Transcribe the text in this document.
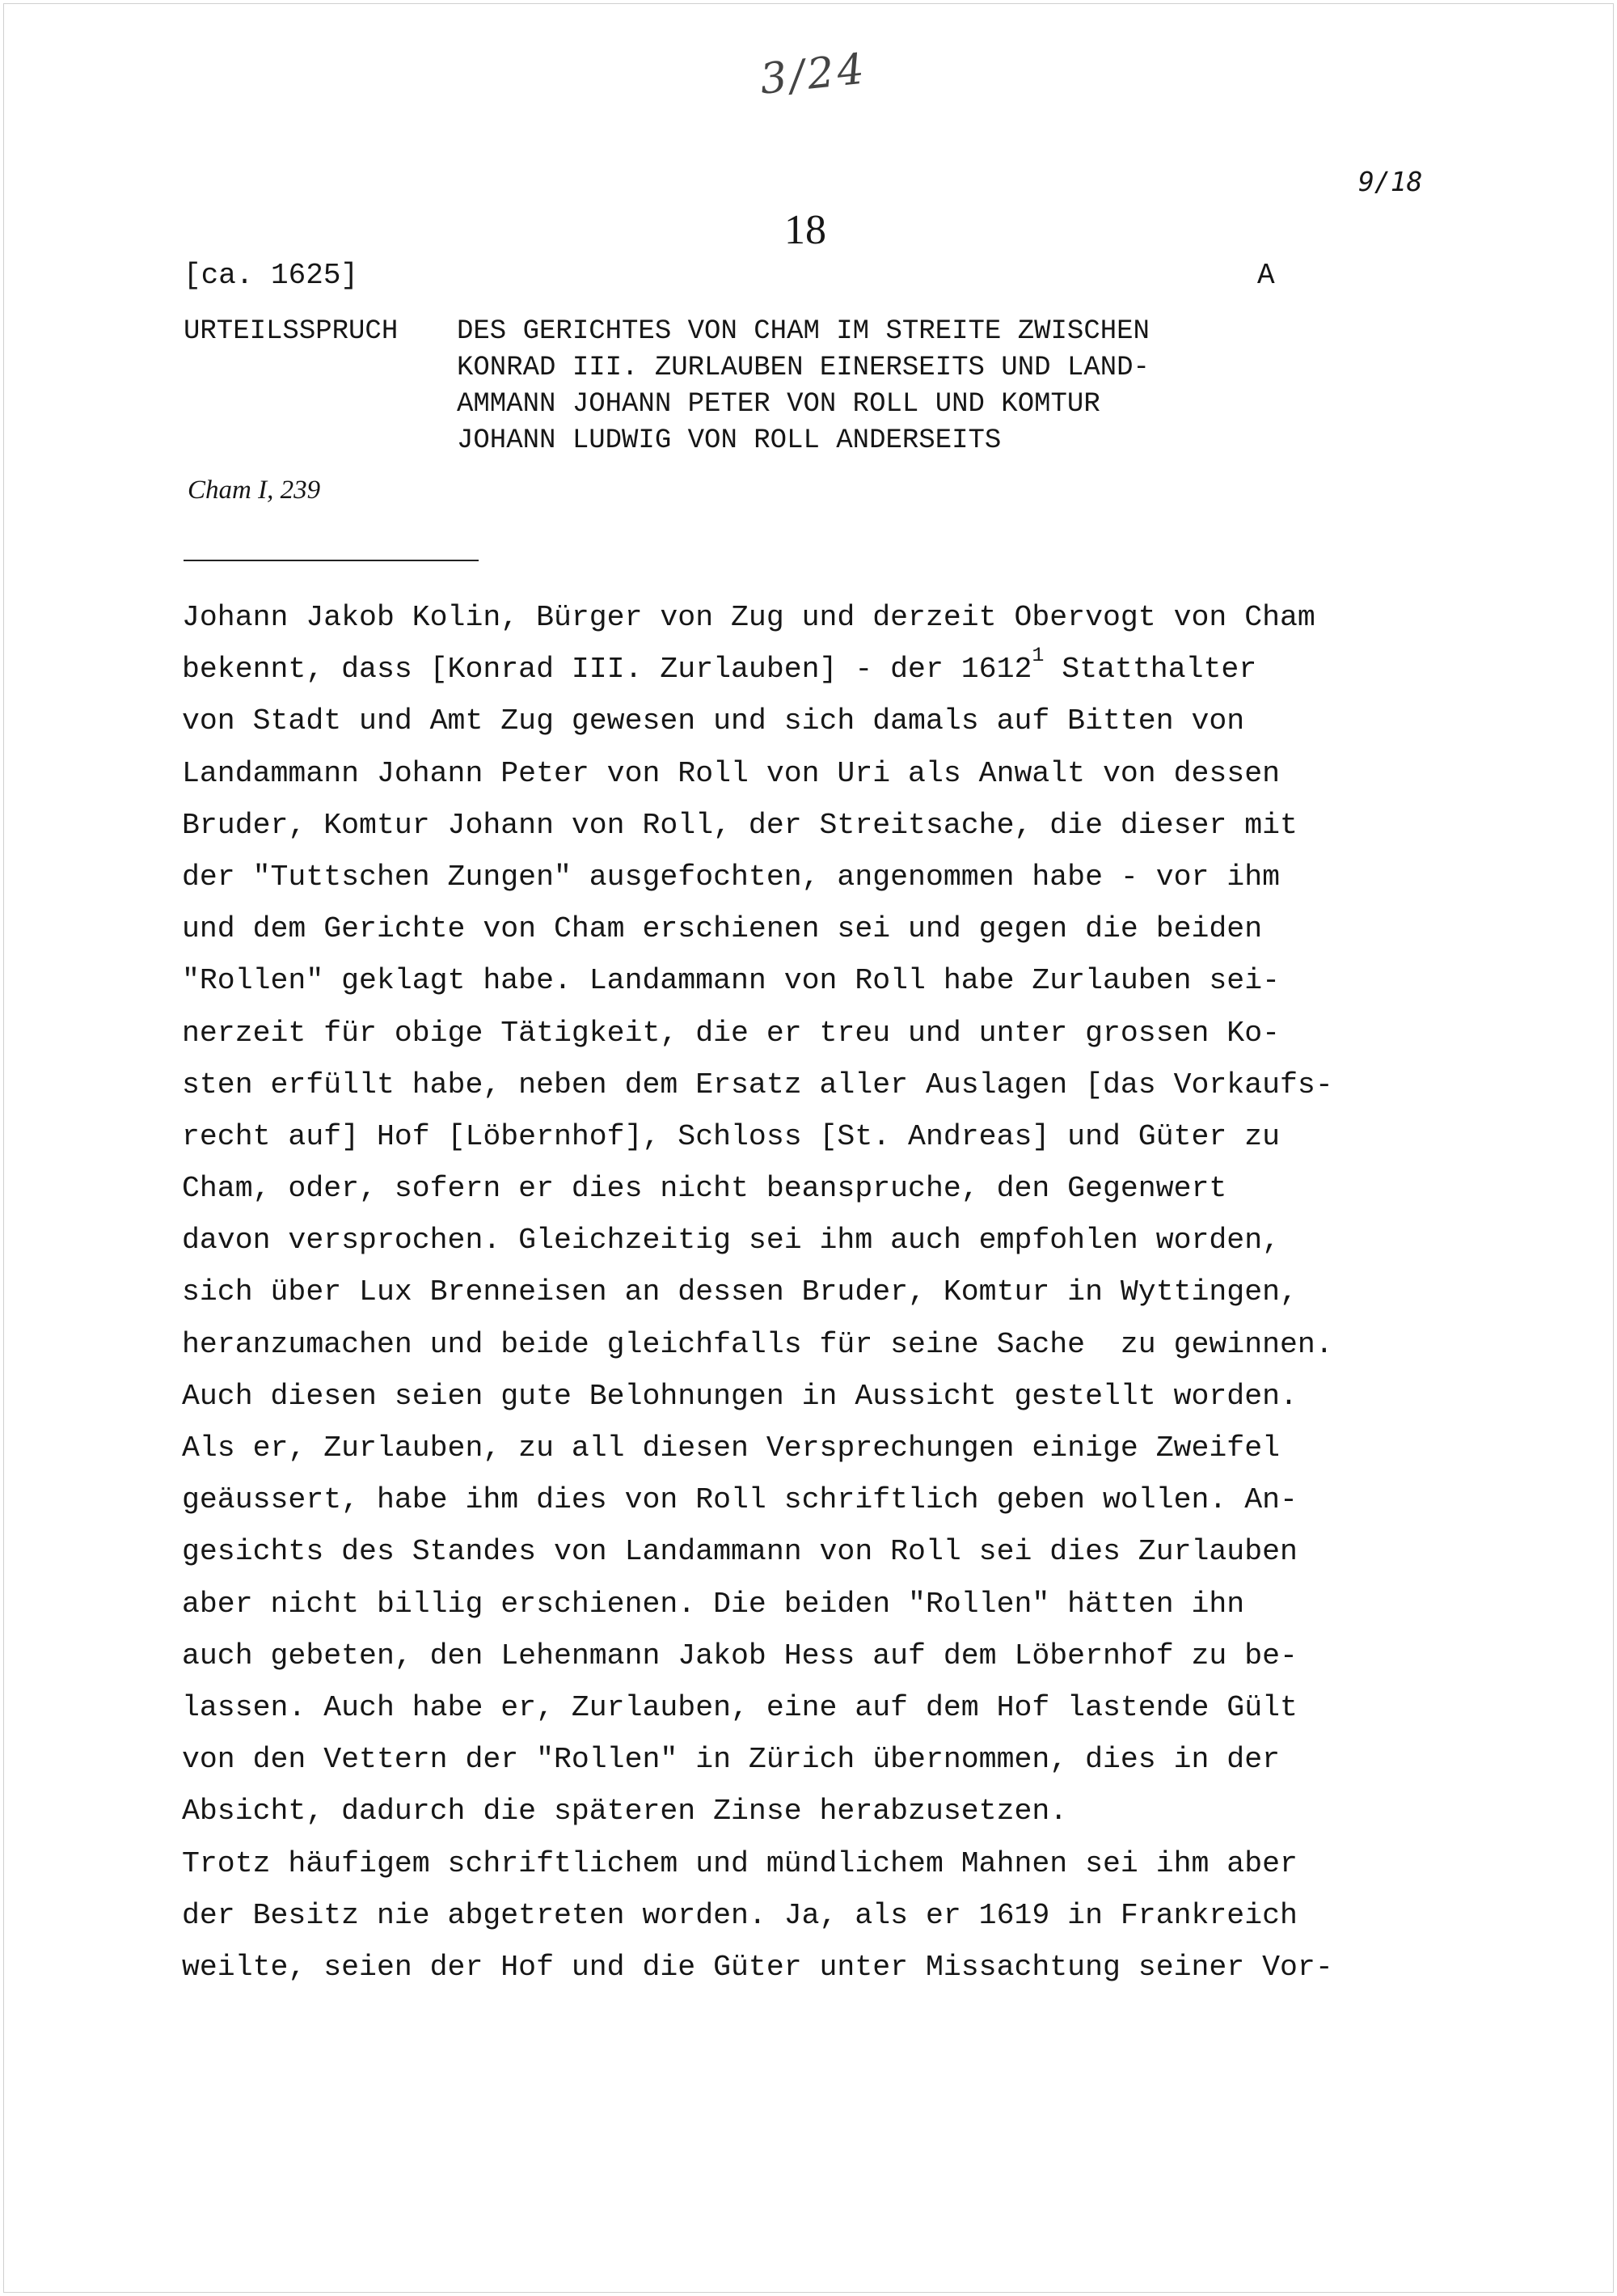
3/24
9/18
18
[ca. 1625]	A
URTEILSSPRUCH DES GERICHTES VON CHAM IM STREITE ZWISCHEN
KONRAD III. ZURLAUBEN EINERSEITS UND LAND-
AMMANN JOHANN PETER VON ROLL UND KOMTUR
JOHANN LUDWIG VON ROLL ANDERSEITS
Cham I, 239
Johann Jakob Kolin, Bürger von Zug und derzeit Obervogt von Cham
bekennt, dass [Konrad III. Zurlauben] - der 1612$^1$ Statthalter
von Stadt und Amt Zug gewesen und sich damals auf Bitten von
Landammann Johann Peter von Roll von Uri als Anwalt von dessen
Bruder, Komtur Johann von Roll, der Streitsache, die dieser mit
der "Tuttschen Zungen" ausgefochten, angenommen habe - vor ihm
und dem Gerichte von Cham erschienen sei und gegen die beiden
"Rollen" geklagt habe. Landammann von Roll habe Zurlauben sei-
nerzeit für obige Tätigkeit, die er treu und unter grossen Ko-
sten erfüllt habe, neben dem Ersatz aller Auslagen [das Vorkaufs-
recht auf] Hof [Löbernhof], Schloss [St. Andreas] und Güter zu
Cham, oder, sofern er dies nicht beanspruche, den Gegenwert
davon versprochen. Gleichzeitig sei ihm auch empfohlen worden,
sich über Lux Brenneisen an dessen Bruder, Komtur in Wyttingen,
heranzumachen und beide gleichfalls für seine Sache  zu gewinnen.
Auch diesen seien gute Belohnungen in Aussicht gestellt worden.
Als er, Zurlauben, zu all diesen Versprechungen einige Zweifel
geäussert, habe ihm dies von Roll schriftlich geben wollen. An-
gesichts des Standes von Landammann von Roll sei dies Zurlauben
aber nicht billig erschienen. Die beiden "Rollen" hätten ihn
auch gebeten, den Lehenmann Jakob Hess auf dem Löbernhof zu be-
lassen. Auch habe er, Zurlauben, eine auf dem Hof lastende Gült
von den Vettern der "Rollen" in Zürich übernommen, dies in der
Absicht, dadurch die späteren Zinse herabzusetzen.
Trotz häufigem schriftlichem und mündlichem Mahnen sei ihm aber
der Besitz nie abgetreten worden. Ja, als er 1619 in Frankreich
weilte, seien der Hof und die Güter unter Missachtung seiner Vor-
